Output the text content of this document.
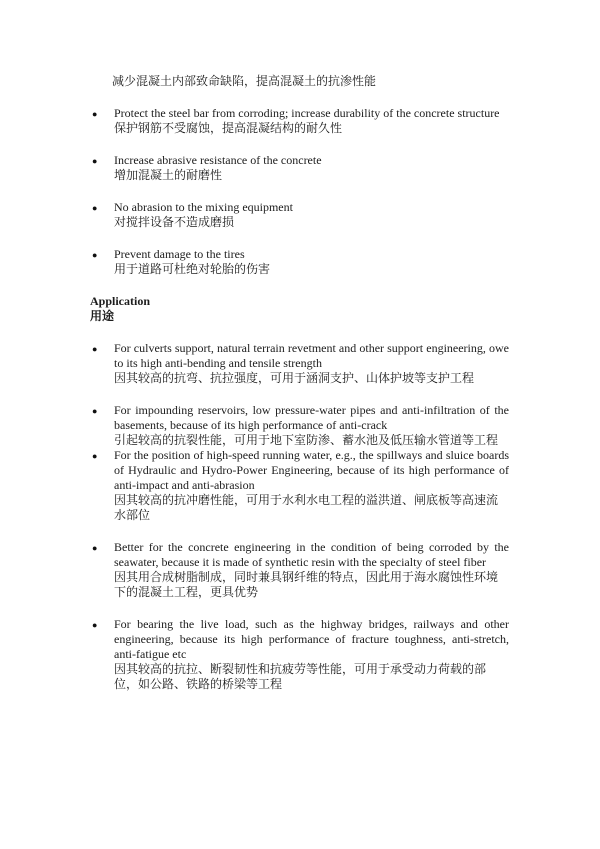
减少混凝土内部致命缺陷，提高混凝土的抗渗性能

● Protect the steel bar from corroding; increase durability of the concrete structure
保护钢筋不受腐蚀，提高混凝结构的耐久性
● Increase abrasive resistance of the concrete
增加混凝土的耐磨性
● No abrasion to the mixing equipment
对搅拌设备不造成磨损
● Prevent damage to the tires
用于道路可杜绝对轮胎的伤害
Application
用途
● For culverts support, natural terrain revetment and other support engineering, owe to its high anti-bending and tensile strength
因其较高的抗弯、抗拉强度，可用于涵洞支护、山体护坡等支护工程
● For impounding reservoirs, low pressure-water pipes and anti-infiltration of the basements, because of its high performance of anti-crack
引起较高的抗裂性能，可用于地下室防渗、蓄水池及低压输水管道等工程
● For the position of high-speed running water, e.g., the spillways and sluice boards of Hydraulic and Hydro-Power Engineering, because of its high performance of anti-impact and anti-abrasion
因其较高的抗冲磨性能，可用于水利水电工程的溢洪道、闸底板等高速流水部位
● Better for the concrete engineering in the condition of being corroded by the seawater, because it is made of synthetic resin with the specialty of steel fiber
因其用合成树脂制成，同时兼具钢纤维的特点，因此用于海水腐蚀性环境下的混凝土工程，更具优势
● For bearing the live load, such as the highway bridges, railways and other engineering, because its high performance of fracture toughness, anti-stretch, anti-fatigue etc
因其较高的抗拉、断裂韧性和抗疲劳等性能，可用于承受动力荷载的部位，如公路、铁路的桥梁等工程
